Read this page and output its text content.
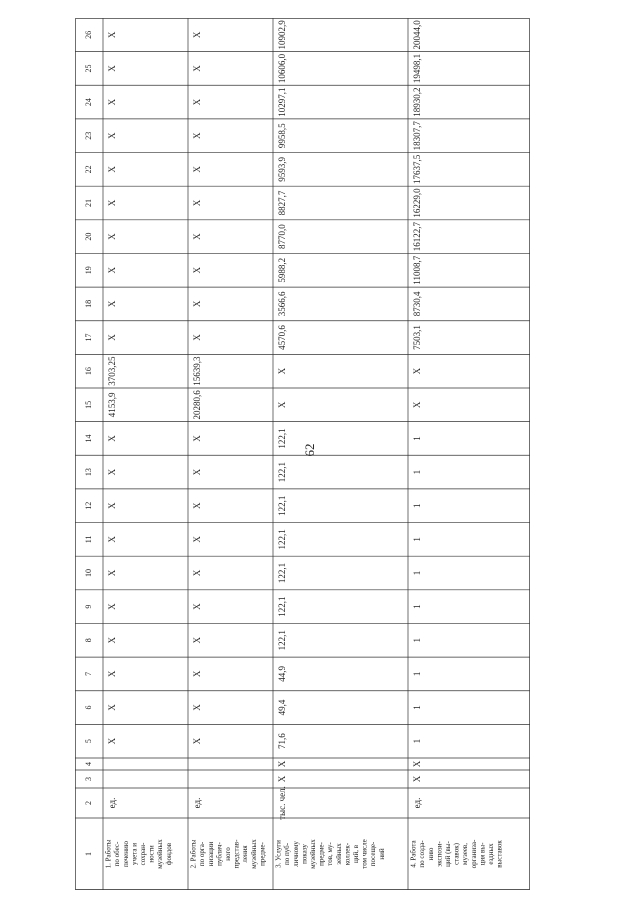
62
1
2
3
4
5
6
7
8
9
10
11
12
13
14
15
16
17
18
19
20
21
22
23
24
25
26
1. Работы по обес- печению учета и сохран- ности музейных фондов
ед.
X
X
X
X
X
X
X
X
X
X
4153,9
3703,25
X
X
X
X
X
X
X
X
X
X
2. Работы по орга- низации публич- ного представ- ления музейных предме-
ед.
X
X
X
X
X
X
X
X
X
X
20280,6
15639,3
X
X
X
X
X
X
X
X
X
X
3. Услуги по пуб- личному показу музейных предме- тов, му- зейных коллек- ций, в том числе посеще- ний
тыс. чел.
X
X
71,6
49,4
44,9
122,1
122,1
122,1
122,1
122,1
122,1
122,1
X
X
4570,6
3566,6
5988,2
8770,0
8827,7
9593,9
9958,5
10297,1
10606,0
10902,9
4. Работа по созда- нию экспози- ций (вы- ставок) музеев, организа- ция вы- ездных выставок
ед.
X
X
1
1
1
1
1
1
1
1
1
1
X
X
7503,1
8730,4
11008,7
16122,7
16229,0
17637,5
18307,7
18930,2
19498,1
20044,0
